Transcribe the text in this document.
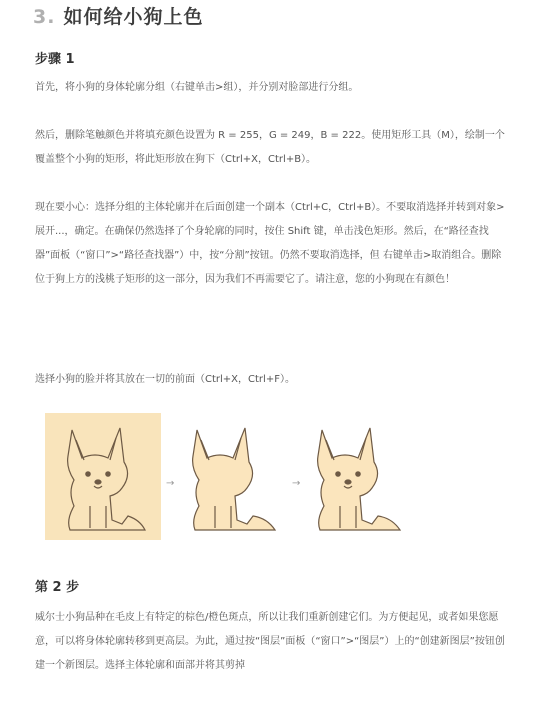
3. 如何给小狗上色
步骤 1
首先，将小狗的身体轮廓分组（右键单击>组），并分别对脸部进行分组。
然后，删除笔触颜色并将填充颜色设置为 R = 255，G = 249，B = 222。使用矩形工具（M），绘制一个覆盖整个小狗的矩形，将此矩形放在狗下（Ctrl+X，Ctrl+B）。
现在要小心：选择分组的主体轮廓并在后面创建一个副本（Ctrl+C，Ctrl+B）。不要取消选择并转到对象>展开...，确定。在确保仍然选择了个身轮廓的同时，按住 Shift 键，单击浅色矩形。然后，在“路径查找器”面板（“窗口”>“路径查找器”）中，按“分割”按钮。仍然不要取消选择，但 右键单击>取消组合。删除位于狗上方的浅桃子矩形的这一部分，因为我们不再需要它了。请注意，您的小狗现在有颜色！
选择小狗的脸并将其放在一切的前面（Ctrl+X，Ctrl+F）。
→	→
第 2 步
威尔士小狗品种在毛皮上有特定的棕色/橙色斑点，所以让我们重新创建它们。为方便起见，或者如果您愿意，可以将身体轮廓转移到更高层。为此，通过按“图层”面板（“窗口”>“图层”）上的“创建新图层”按钮创建一个新图层。选择主体轮廓和面部并将其剪掉
